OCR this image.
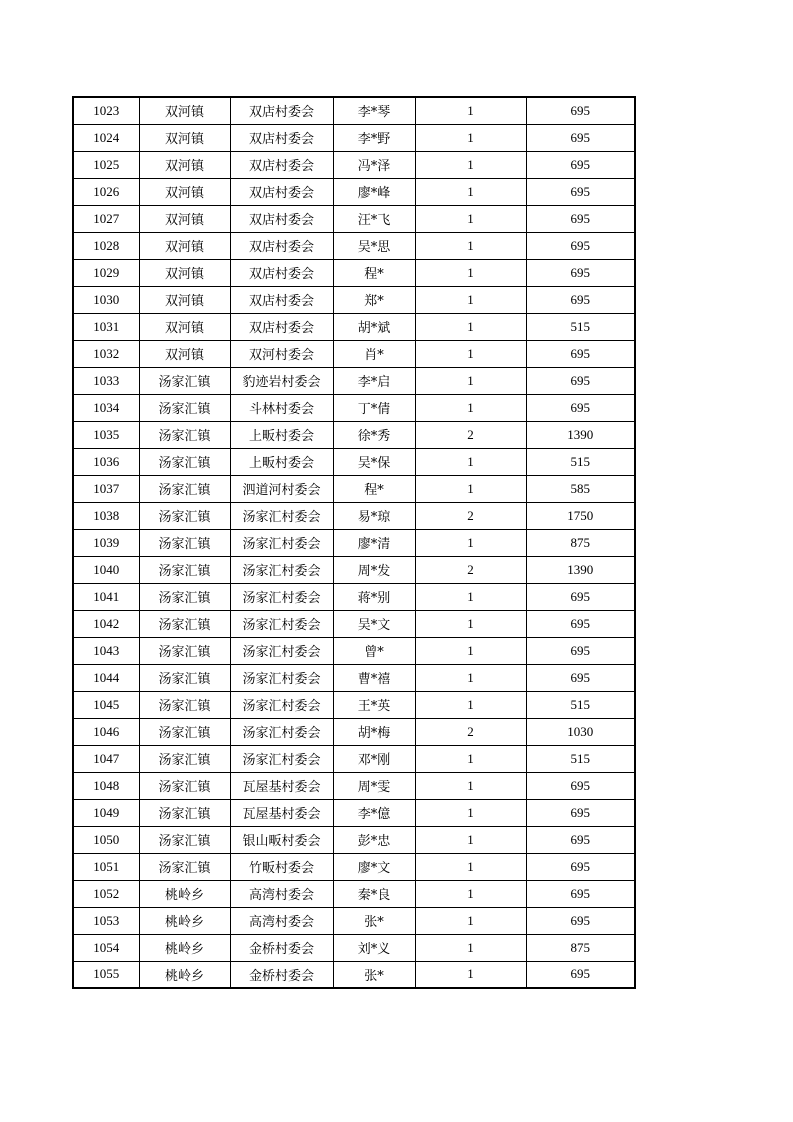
1023	双河镇	双店村委会	李*琴	1	695
1024	双河镇	双店村委会	李*野	1	695
1025	双河镇	双店村委会	冯*泽	1	695
1026	双河镇	双店村委会	廖*峰	1	695
1027	双河镇	双店村委会	汪*飞	1	695
1028	双河镇	双店村委会	吴*思	1	695
1029	双河镇	双店村委会	程*	1	695
1030	双河镇	双店村委会	郑*	1	695
1031	双河镇	双店村委会	胡*斌	1	515
1032	双河镇	双河村委会	肖*	1	695
1033	汤家汇镇	豹迹岩村委会	李*启	1	695
1034	汤家汇镇	斗林村委会	丁*倩	1	695
1035	汤家汇镇	上畈村委会	徐*秀	2	1390
1036	汤家汇镇	上畈村委会	吴*保	1	515
1037	汤家汇镇	泗道河村委会	程*	1	585
1038	汤家汇镇	汤家汇村委会	易*琼	2	1750
1039	汤家汇镇	汤家汇村委会	廖*清	1	875
1040	汤家汇镇	汤家汇村委会	周*发	2	1390
1041	汤家汇镇	汤家汇村委会	蒋*别	1	695
1042	汤家汇镇	汤家汇村委会	吴*文	1	695
1043	汤家汇镇	汤家汇村委会	曾*	1	695
1044	汤家汇镇	汤家汇村委会	曹*禧	1	695
1045	汤家汇镇	汤家汇村委会	王*英	1	515
1046	汤家汇镇	汤家汇村委会	胡*梅	2	1030
1047	汤家汇镇	汤家汇村委会	邓*刚	1	515
1048	汤家汇镇	瓦屋基村委会	周*雯	1	695
1049	汤家汇镇	瓦屋基村委会	李*億	1	695
1050	汤家汇镇	银山畈村委会	彭*忠	1	695
1051	汤家汇镇	竹畈村委会	廖*文	1	695
1052	桃岭乡	高湾村委会	秦*良	1	695
1053	桃岭乡	高湾村委会	张*	1	695
1054	桃岭乡	金桥村委会	刘*义	1	875
1055	桃岭乡	金桥村委会	张*	1	695
